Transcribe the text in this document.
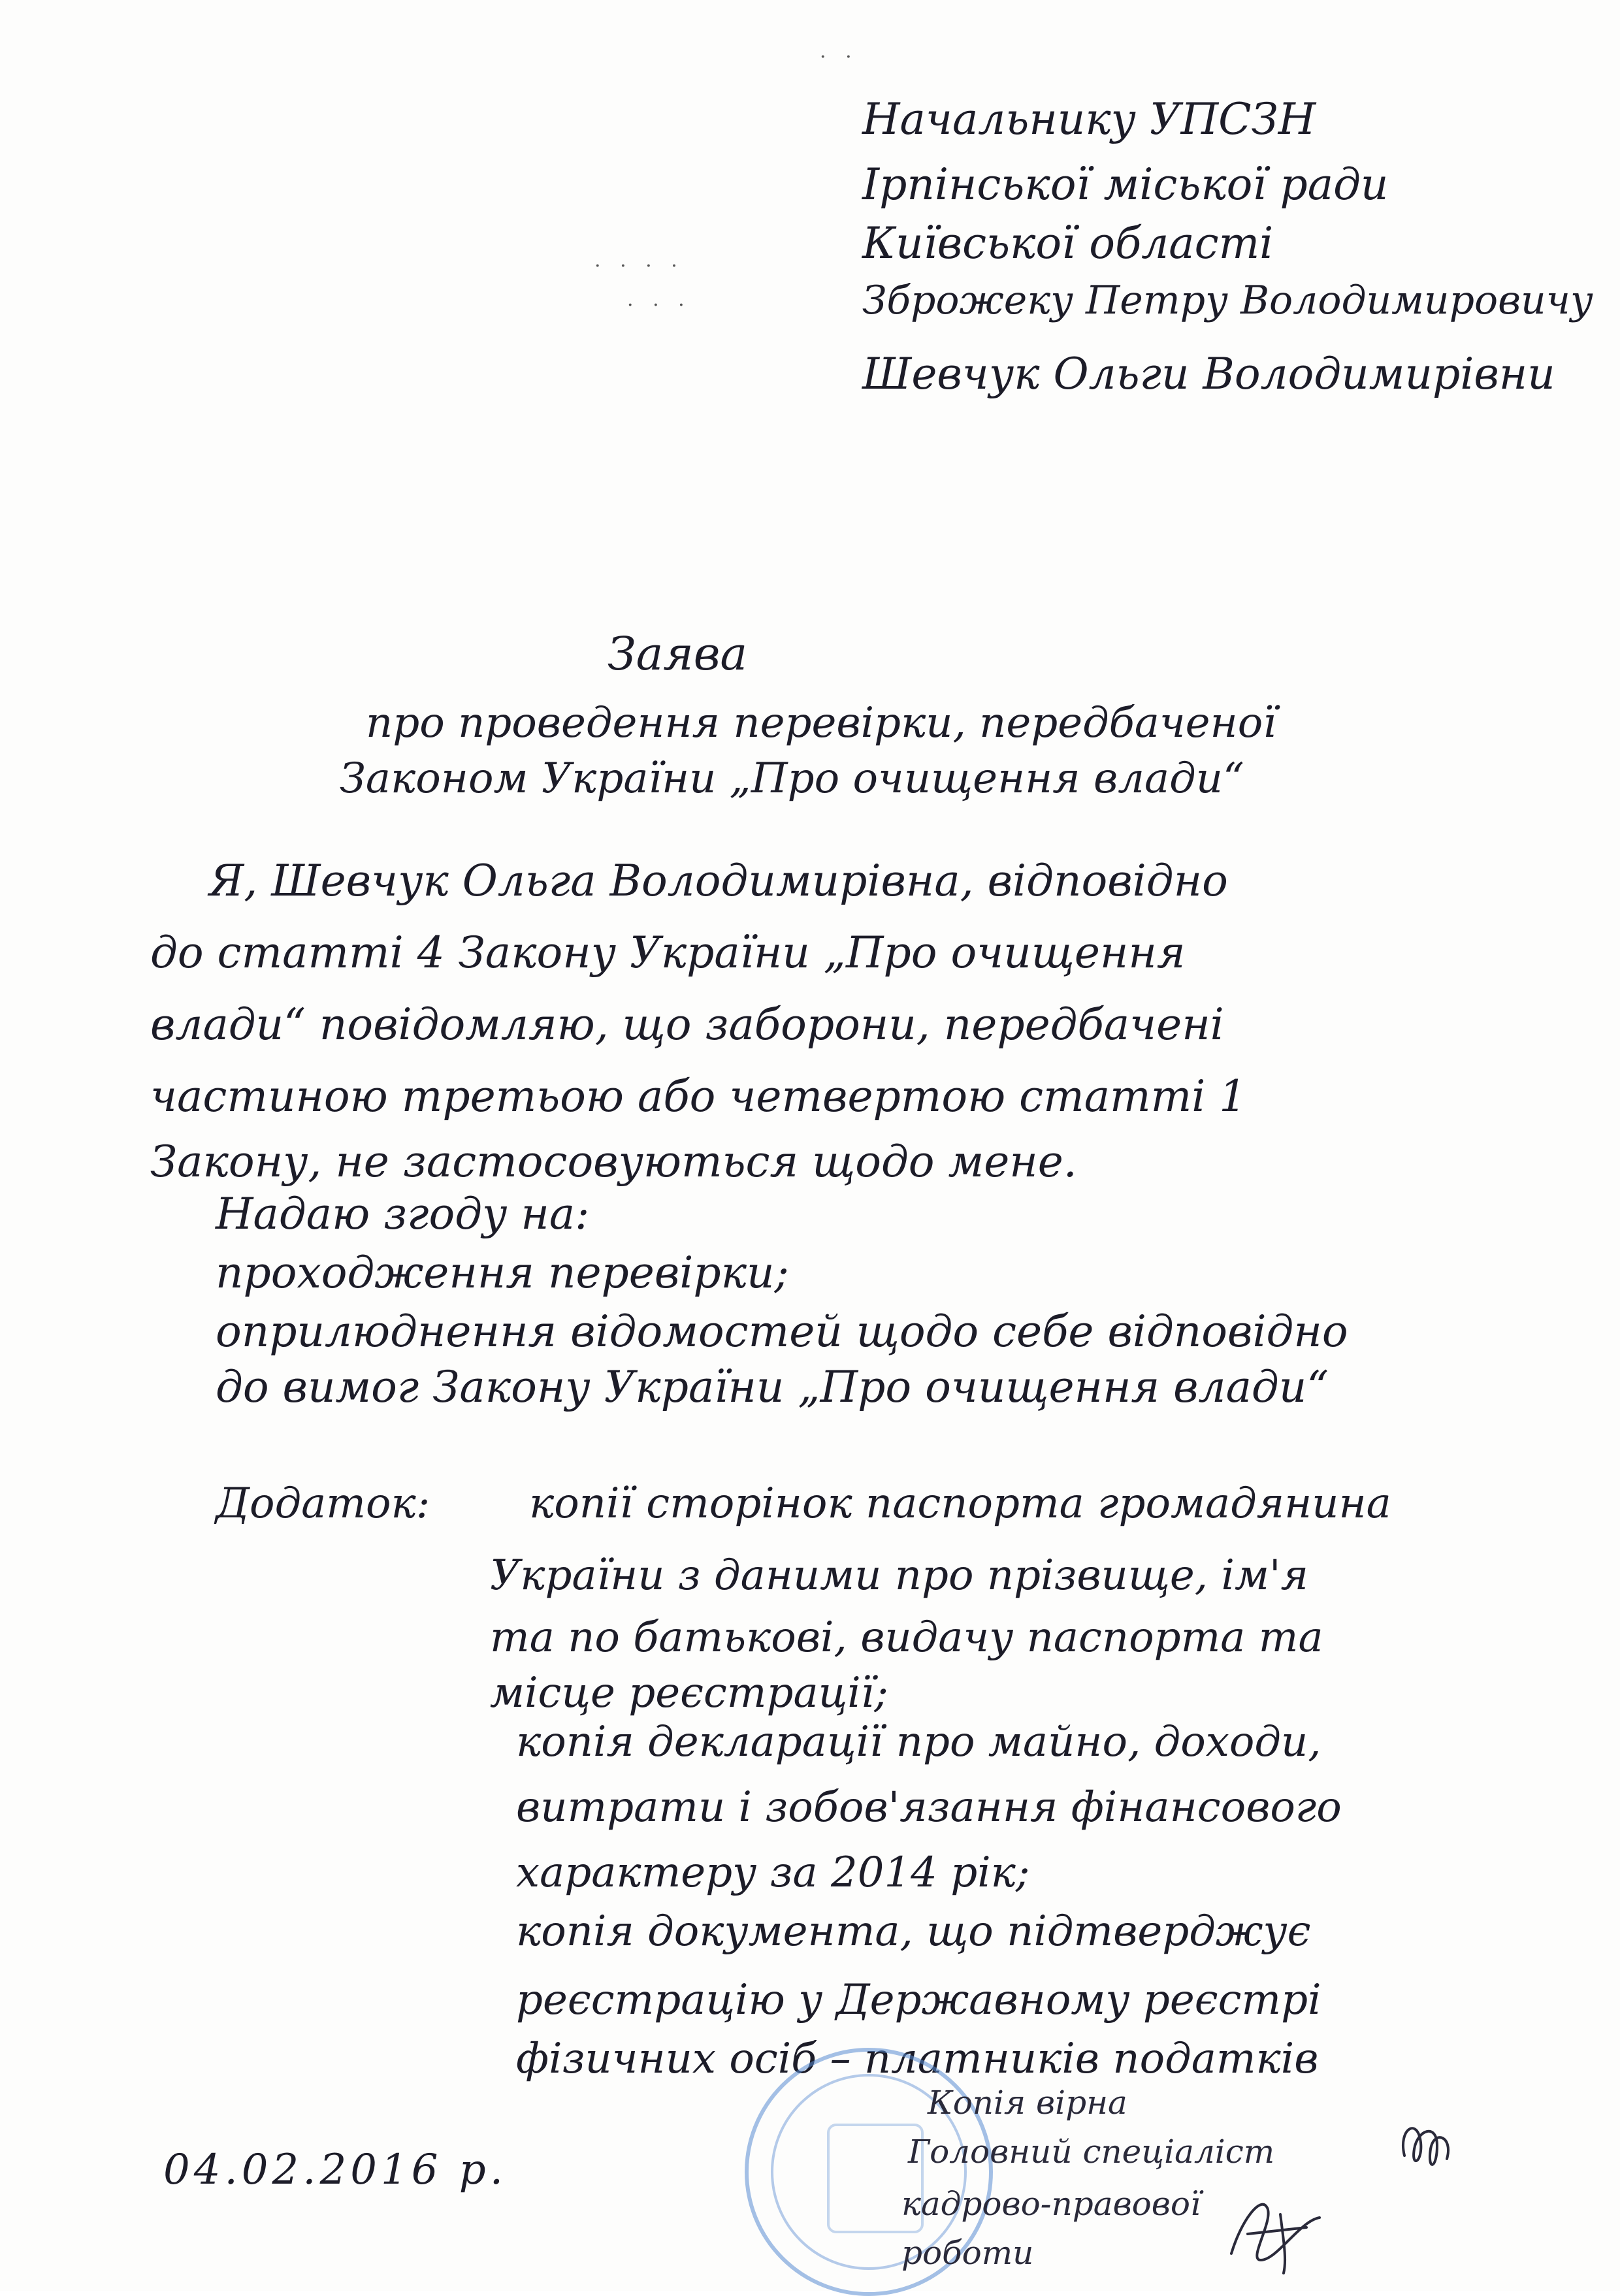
· ·
· · · ·
· · ·
Начальнику УПСЗН
Ірпінської міської ради
Київської області
Зброжеку Петру Володимировичу
Шевчук Ольги Володимирівни
Заява
про проведення перевірки, передбаченої
Законом України „Про очищення влади“
Я, Шевчук Ольга Володимирівна, відповідно
до статті 4 Закону України „Про очищення
влади“ повідомляю, що заборони, передбачені
частиною третьою або четвертою статті 1
Закону, не застосовуються щодо мене.
Надаю згоду на:
проходження перевірки;
оприлюднення відомостей щодо себе відповідно
до вимог Закону України „Про очищення влади“
Додаток: копії сторінок паспорта громадянина
України з даними про прізвище, ім'я
та по батькові, видачу паспорта та
місце реєстрації;
копія декларації про майно, доходи,
витрати і зобов'язання фінансового
характеру за 2014 рік;
копія документа, що підтверджує
реєстрацію у Державному реєстрі
фізичних осіб – платників податків
04.02.2016 р.
Копія вірна
Головний спеціаліст
кадрово-правової
роботи
